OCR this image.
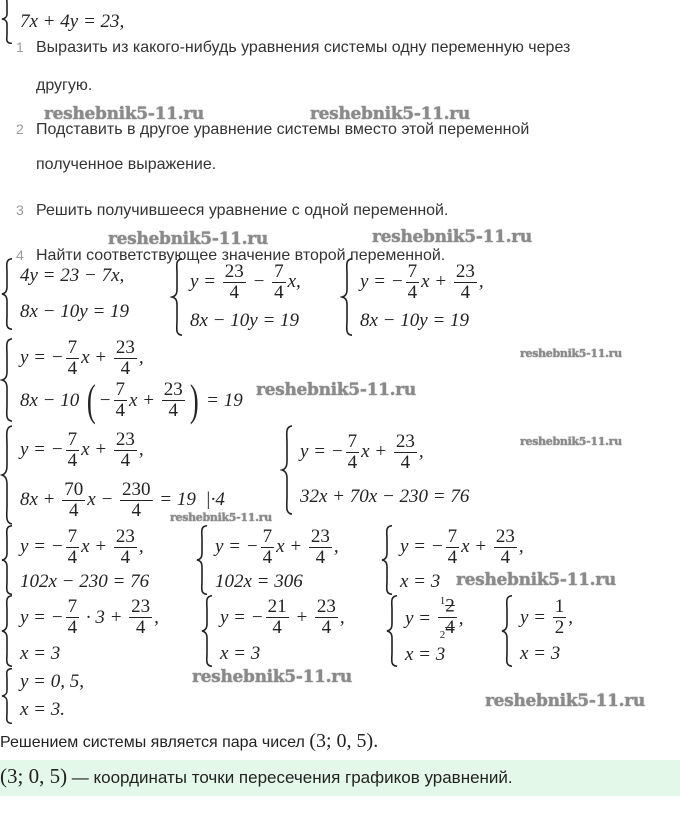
7x + 4y = 23,
1 Выразить из какого-нибудь уравнения системы одну переменную через
другую.
2 Подставить в другое уравнение системы вместо этой переменной
полученное выражение.
3 Решить получившееся уравнение с одной переменной.
4 Найти соответствующее значение второй переменной.
4y = 23 − 7x,
8x − 10y = 19
$y = \frac{23}{4} - \frac{7}{4} x$,
8x − 10y = 19
y = − $\frac{7}{4}$ $x + \frac{23}{4}$ ,
8x − 10y = 19
y = − $\frac{7}{4}$ $x + \frac{23}{4}$ ,
8x − 10 ( − $\frac{7}{4}$ $x + \frac{23}{4}$ ) = 19
y = − $\frac{7}{4}$ $x + \frac{23}{4}$ ,
$8x + \frac{70}{4}$ $x - \frac{230}{4} = 19$  |·4
y = − $\frac{7}{4}$ $x + \frac{23}{4}$ ,
32x + 70x − 230 = 76
y = − $\frac{7}{4}$ $x + \frac{23}{4}$ ,
102x − 230 = 76
y = − $\frac{7}{4}$ $x + \frac{23}{4}$ ,
102x = 306
y = − $\frac{7}{4}$ $x + \frac{23}{4}$ ,
x = 3
y = − $\frac{7}{4} \cdot 3 + \frac{23}{4}$ ,
x = 3
y = − $\frac{21}{4} + \frac{23}{4}$ ,
x = 3
$y = \frac{^12}{_24}$ ,
x = 3
$y = \frac{1}{2}$ ,
x = 3
y = 0, 5,
x = 3.
reshebnik5-11.ru	reshebnik5-11.ru
reshebnik5-11.ru	reshebnik5-11.ru
reshebnik5-11.ru
reshebnik5-11.ru
reshebnik5-11.ru
reshebnik5-11.ru
reshebnik5-11.ru
reshebnik5-11.ru
reshebnik5-11.ru
Решением системы является пара чисел (3; 0, 5).
(3; 0, 5) — координаты точки пересечения графиков уравнений.
